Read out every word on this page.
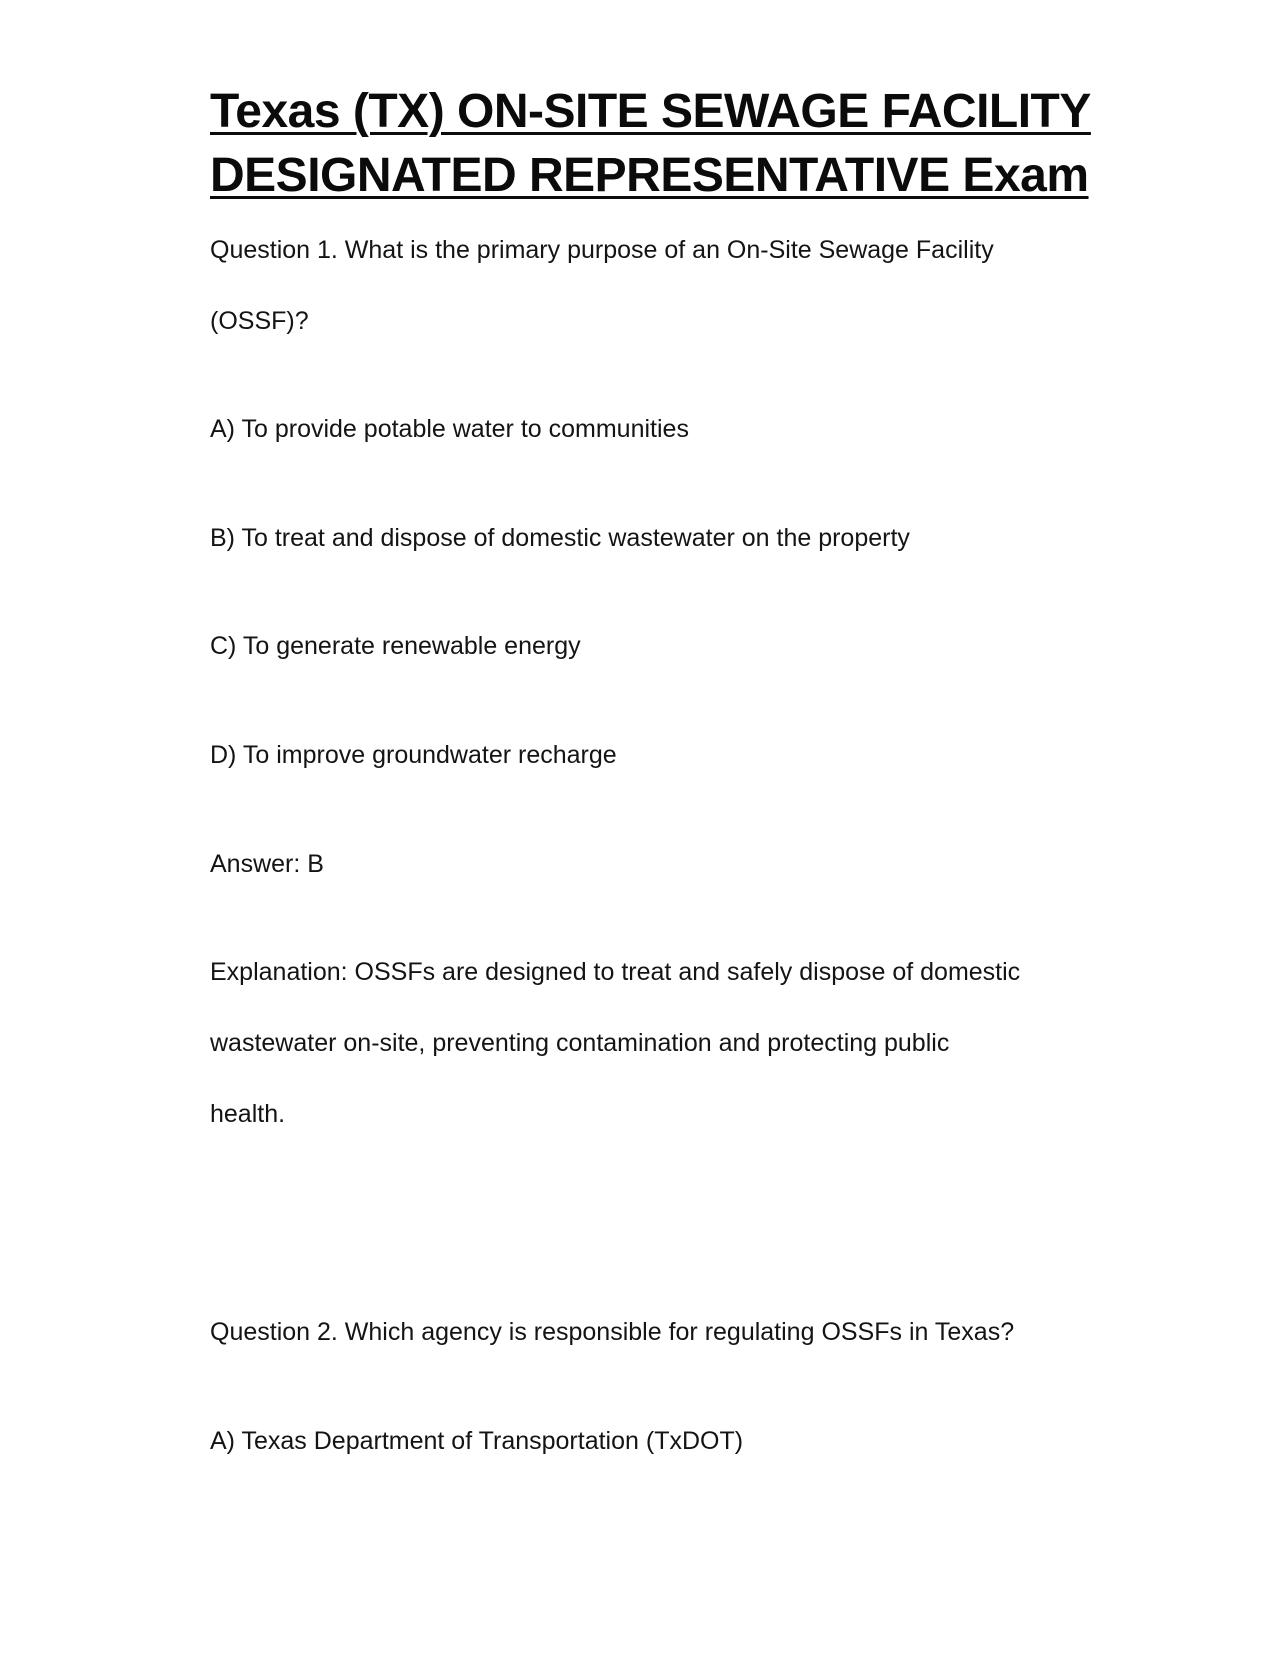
Texas (TX) ON-SITE SEWAGE FACILITY
DESIGNATED REPRESENTATIVE Exam

Question 1. What is the primary purpose of an On-Site Sewage Facility

(OSSF)?

A) To provide potable water to communities

B) To treat and dispose of domestic wastewater on the property

C) To generate renewable energy

D) To improve groundwater recharge

Answer: B

Explanation: OSSFs are designed to treat and safely dispose of domestic

wastewater on-site, preventing contamination and protecting public

health.

Question 2. Which agency is responsible for regulating OSSFs in Texas?

A) Texas Department of Transportation (TxDOT)
